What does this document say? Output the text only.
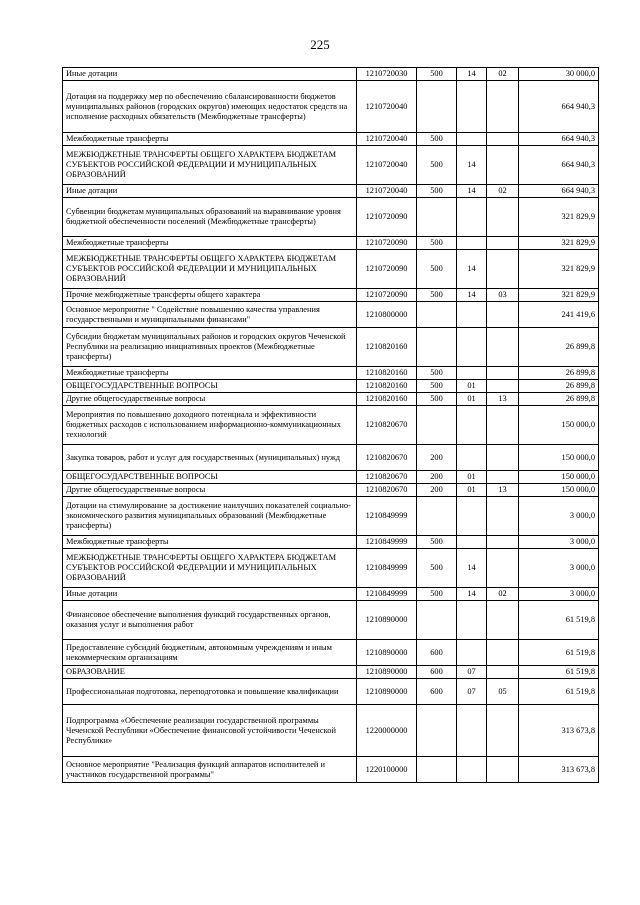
225
Иные дотации	1210720030	500	14	02	30 000,0
Дотация на поддержку мер по обеспечению сбалансированности бюджетов муниципальных районов (городских округов) имеющих недостаток средств на исполнение расходных обязательств (Межбюджетные трансферты)	1210720040				664 940,3
Межбюджетные трансферты	1210720040	500			664 940,3
МЕЖБЮДЖЕТНЫЕ ТРАНСФЕРТЫ ОБЩЕГО ХАРАКТЕРА БЮДЖЕТАМ СУБЪЕКТОВ РОССИЙСКОЙ ФЕДЕРАЦИИ И МУНИЦИПАЛЬНЫХ ОБРАЗОВАНИЙ	1210720040	500	14		664 940,3
Иные дотации	1210720040	500	14	02	664 940,3
Субвенции бюджетам муниципальных образований на выравнивание уровня бюджетной обеспеченности поселений (Межбюджетные трансферты)	1210720090				321 829,9
Межбюджетные трансферты	1210720090	500			321 829,9
МЕЖБЮДЖЕТНЫЕ ТРАНСФЕРТЫ ОБЩЕГО ХАРАКТЕРА БЮДЖЕТАМ СУБЪЕКТОВ РОССИЙСКОЙ ФЕДЕРАЦИИ И МУНИЦИПАЛЬНЫХ ОБРАЗОВАНИЙ	1210720090	500	14		321 829,9
Прочие межбюджетные трансферты общего характера	1210720090	500	14	03	321 829,9
Основное мероприятие " Содействие повышению качества управления государственными и муниципальными финансами"	1210800000				241 419,6
Субсидии бюджетам муниципальных районов и городских округов Чеченской Республики на реализацию инициативных проектов (Межбюджетные трансферты)	1210820160				26 899,8
Межбюджетные трансферты	1210820160	500			26 899,8
ОБЩЕГОСУДАРСТВЕННЫЕ ВОПРОСЫ	1210820160	500	01		26 899,8
Другие общегосударственные вопросы	1210820160	500	01	13	26 899,8
Мероприятия по повышению доходного потенциала и эффективности бюджетных расходов с использованием информационно-коммуникационных технологий	1210820670				150 000,0
Закупка товаров, работ и услуг для государственных (муниципальных) нужд	1210820670	200			150 000,0
ОБЩЕГОСУДАРСТВЕННЫЕ ВОПРОСЫ	1210820670	200	01		150 000,0
Другие общегосударственные вопросы	1210820670	200	01	13	150 000,0
Дотации на стимулирование за достижение наилучших показателей социально-экономического развития муниципальных образований (Межбюджетные трансферты)	1210849999				3 000,0
Межбюджетные трансферты	1210849999	500			3 000,0
МЕЖБЮДЖЕТНЫЕ ТРАНСФЕРТЫ ОБЩЕГО ХАРАКТЕРА БЮДЖЕТАМ СУБЪЕКТОВ РОССИЙСКОЙ ФЕДЕРАЦИИ И МУНИЦИПАЛЬНЫХ ОБРАЗОВАНИЙ	1210849999	500	14		3 000,0
Иные дотации	1210849999	500	14	02	3 000,0
Финансовое обеспечение выполнения функций государственных органов, оказания услуг и выполнения работ	1210890000				61 519,8
Предоставление субсидий бюджетным, автономным учреждениям и иным некоммерческим организациям	1210890000	600			61 519,8
ОБРАЗОВАНИЕ	1210890000	600	07		61 519,8
Профессиональная подготовка, переподготовка и повышение квалификации	1210890000	600	07	05	61 519,8
Подпрограмма «Обеспечение реализации государственной программы Чеченской Республики «Обеспечение финансовой устойчивости Чеченской Республики»	1220000000				313 673,8
Основное мероприятие "Реализация функций аппаратов исполнителей и участников государственной программы"	1220100000				313 673,8
